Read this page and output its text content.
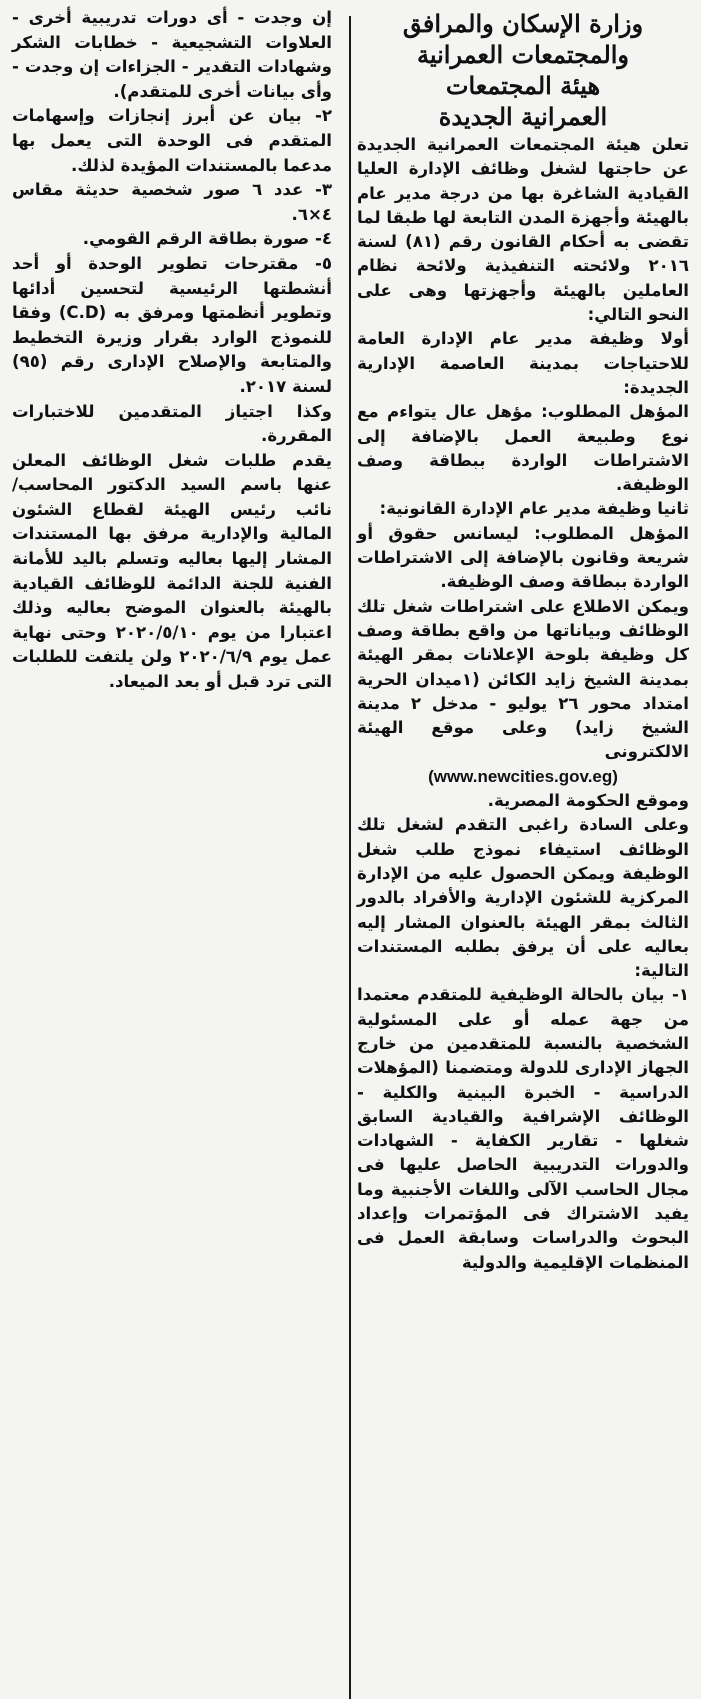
وزارة الإسكان والمرافق
والمجتمعات العمرانية
هيئة المجتمعات
العمرانية الجديدة

تعلن هيئة المجتمعات العمرانية الجديدة عن حاجتها لشغل وظائف الإدارة العليا القيادية الشاغرة بها من درجة مدير عام بالهيئة وأجهزة المدن التابعة لها طبقا لما تقضى به أحكام القانون رقم (٨١) لسنة ٢٠١٦ ولائحته التنفيذية ولائحة نظام العاملين بالهيئة وأجهزتها وهى على النحو التالي:

أولا وظيفة مدير عام الإدارة العامة للاحتياجات بمدينة العاصمة الإدارية الجديدة:

المؤهل المطلوب: مؤهل عال يتواءم مع نوع وطبيعة العمل بالإضافة إلى الاشتراطات الواردة ببطاقة وصف الوظيفة.

ثانيا وظيفة مدير عام الإدارة القانونية:

المؤهل المطلوب: ليسانس حقوق أو شريعة وقانون بالإضافة إلى الاشتراطات الواردة ببطاقة وصف الوظيفة.

ويمكن الاطلاع على اشتراطات شغل تلك الوظائف وبياناتها من واقع بطاقة وصف كل وظيفة بلوحة الإعلانات بمقر الهيئة بمدينة الشيخ زايد الكائن (١ميدان الحرية امتداد محور ٢٦ يوليو - مدخل ٢ مدينة الشيخ زايد) وعلى موقع الهيئة الالكترونى

(www.newcities.gov.eg)

وموقع الحكومة المصرية.

وعلى السادة راغبى التقدم لشغل تلك الوظائف استيفاء نموذج طلب شغل الوظيفة ويمكن الحصول عليه من الإدارة المركزية للشئون الإدارية والأفراد بالدور الثالث بمقر الهيئة بالعنوان المشار إليه بعاليه على أن يرفق بطلبه المستندات التالية:

١- بيان بالحالة الوظيفية للمتقدم معتمدا من جهة عمله أو على المسئولية الشخصية بالنسبة للمتقدمين من خارج الجهاز الإدارى للدولة ومتضمنا (المؤهلات الدراسية - الخبرة البينية والكلية - الوظائف الإشرافية والقيادية السابق شغلها - تقارير الكفاية - الشهادات والدورات التدريبية الحاصل عليها فى مجال الحاسب الآلى واللغات الأجنبية وما يفيد الاشتراك فى المؤتمرات وإعداد البحوث والدراسات وسابقة العمل فى المنظمات الإقليمية والدولية

إن وجدت - أى دورات تدريبية أخرى - العلاوات التشجيعية - خطابات الشكر وشهادات التقدير - الجزاءات إن وجدت - وأى بيانات أخرى للمتقدم).

٢- بيان عن أبرز إنجازات وإسهامات المتقدم فى الوحدة التى يعمل بها مدعما بالمستندات المؤيدة لذلك.

٣- عدد ٦ صور شخصية حديثة مقاس ٤×٦.

٤- صورة بطاقة الرقم القومي.

٥- مقترحات تطوير الوحدة أو أحد أنشطتها الرئيسية لتحسين أدائها وتطوير أنظمتها ومرفق به (C.D) وفقا للنموذج الوارد بقرار وزيرة التخطيط والمتابعة والإصلاح الإدارى رقم (٩٥) لسنة ٢٠١٧.

وكذا اجتياز المتقدمين للاختبارات المقررة.

يقدم طلبات شغل الوظائف المعلن عنها باسم السيد الدكتور المحاسب/ نائب رئيس الهيئة لقطاع الشئون المالية والإدارية مرفق بها المستندات المشار إليها بعاليه وتسلم باليد للأمانة الفنية للجنة الدائمة للوظائف القيادية بالهيئة بالعنوان الموضح بعاليه وذلك اعتبارا من يوم ٢٠٢٠/٥/١٠ وحتى نهاية عمل يوم ٢٠٢٠/٦/٩ ولن يلتفت للطلبات التى ترد قبل أو بعد الميعاد.
